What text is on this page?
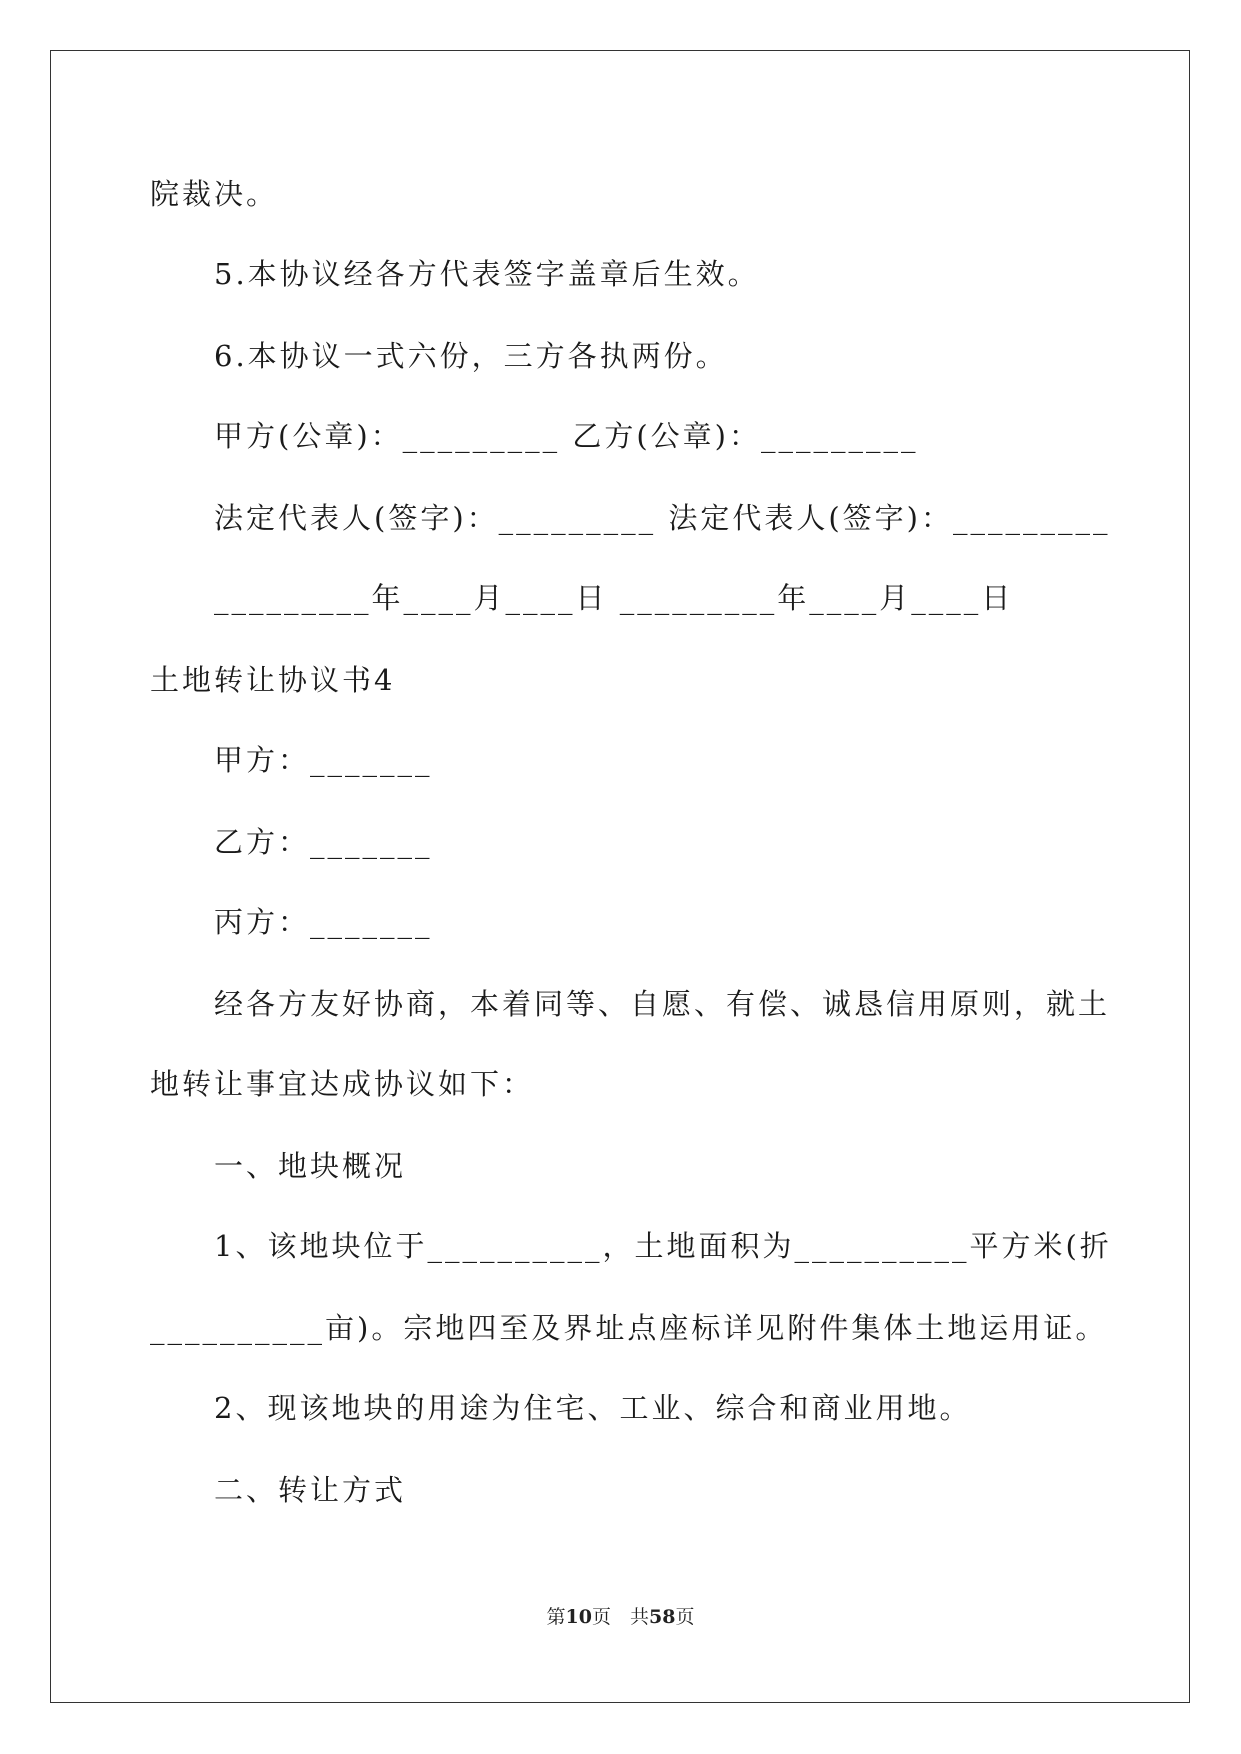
院裁决。
5.本协议经各方代表签字盖章后生效。
6.本协议一式六份，三方各执两份。
甲方(公章)：_________ 乙方(公章)：_________
法定代表人(签字)：_________ 法定代表人(签字)：_________
_________年____月____日 _________年____月____日
土地转让协议书4
甲方：_______
乙方：_______
丙方：_______
经各方友好协商，本着同等、自愿、有偿、诚恳信用原则，就土
地转让事宜达成协议如下：
一、地块概况
1、该地块位于__________，土地面积为__________平方米(折
__________亩)。宗地四至及界址点座标详见附件集体土地运用证。
2、现该地块的用途为住宅、工业、综合和商业用地。
二、转让方式
第10页　共58页
